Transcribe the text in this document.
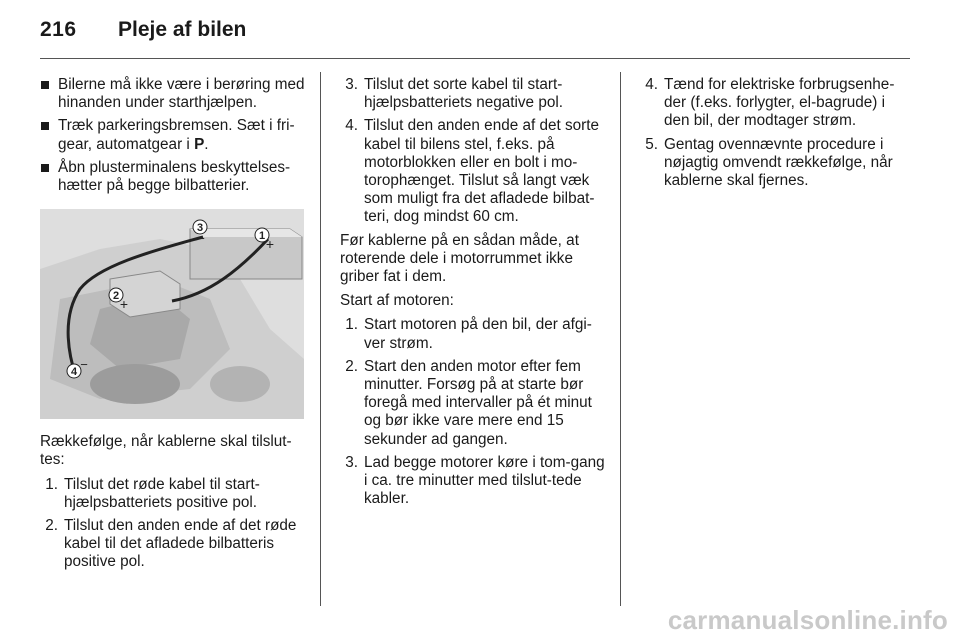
216 Pleje af bilen
Bilerne må ikke være i berøring med hinanden under starthjælpen.
Træk parkeringsbremsen. Sæt i fri-gear, automatgear i P.
Åbn plusterminalens beskyttelses-hætter på begge bilbatterier.
3
−	1 +
2 +
4 −

Rækkefølge, når kablerne skal tilslut-tes:

1. Tilslut det røde kabel til start-hjælpsbatteriets positive pol.
2. Tilslut den anden ende af det røde kabel til det afladede bilbatteris positive pol.
3. Tilslut det sorte kabel til start-hjælpsbatteriets negative pol.
4. Tilslut den anden ende af det sorte kabel til bilens stel, f.eks. på motorblokken eller en bolt i mo-torophænget. Tilslut så langt væk som muligt fra det afladede bilbat-teri, dog mindst 60 cm.

Før kablerne på en sådan måde, at roterende dele i motorrummet ikke griber fat i dem.

Start af motoren:

1. Start motoren på den bil, der afgi-ver strøm.
2. Start den anden motor efter fem minutter. Forsøg på at starte bør foregå med intervaller på ét minut og bør ikke vare mere end 15 sekunder ad gangen.
3. Lad begge motorer køre i tom-gang i ca. tre minutter med tilslut-tede kabler.
4. Tænd for elektriske forbrugsenhe-der (f.eks. forlygter, el-bagrude) i den bil, der modtager strøm.
5. Gentag ovennævnte procedure i nøjagtig omvendt rækkefølge, når kablerne skal fjernes.
carmanualsonline.info
